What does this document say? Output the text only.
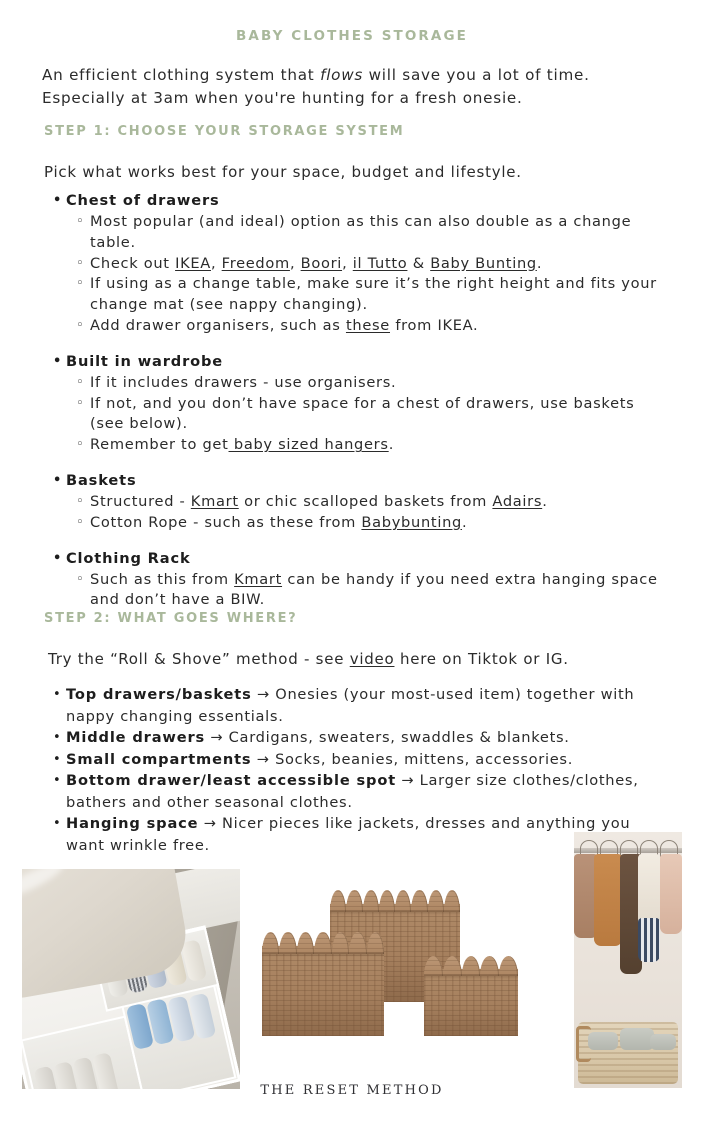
BABY CLOTHES STORAGE
An efficient clothing system that flows will save you a lot of time. Especially at 3am when you're hunting for a fresh onesie.
STEP 1: CHOOSE YOUR STORAGE SYSTEM
Pick what works best for your space, budget and lifestyle.
• Chest of drawers
◦ Most popular (and ideal) option as this can also double as a change table.
◦ Check out IKEA, Freedom, Boori, il Tutto & Baby Bunting.
◦ If using as a change table, make sure it’s the right height and fits your change mat (see nappy changing).
◦ Add drawer organisers, such as these from IKEA.
• Built in wardrobe
◦ If it includes drawers - use organisers.
◦ If not, and you don’t have space for a chest of drawers, use baskets (see below).
◦ Remember to get baby sized hangers.
• Baskets
◦ Structured - Kmart or chic scalloped baskets from Adairs.
◦ Cotton Rope - such as these from Babybunting.
• Clothing Rack
◦ Such as this from Kmart can be handy if you need extra hanging space and don’t have a BIW.
STEP 2: WHAT GOES WHERE?
Try the “Roll & Shove” method - see video here on Tiktok or IG.
• Top drawers/baskets → Onesies (your most-used item) together with nappy changing essentials.
• Middle drawers → Cardigans, sweaters, swaddles & blankets.
• Small compartments → Socks, beanies, mittens, accessories.
• Bottom drawer/least accessible spot → Larger size clothes/clothes, bathers and other seasonal clothes.
• Hanging space → Nicer pieces like jackets, dresses and anything you want wrinkle free.
THE RESET METHOD
